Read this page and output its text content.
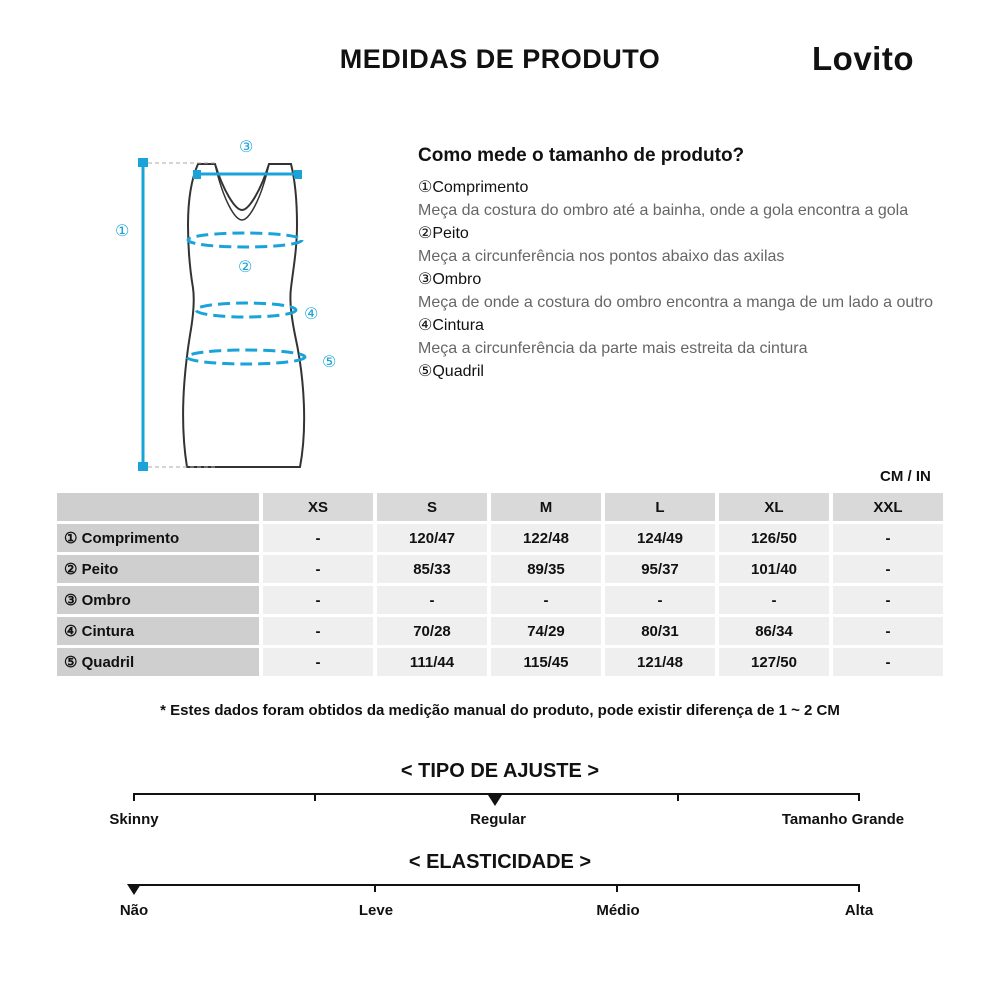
MEDIDAS DE PRODUTO	Lovito
①
②
③
④
⑤
Como mede o tamanho de produto?
①Comprimento
Meça da costura do ombro até a bainha, onde a gola encontra a gola
②Peito
Meça a circunferência nos pontos abaixo das axilas
③Ombro
Meça de onde a costura do ombro encontra a manga de um lado a outro
④Cintura
Meça a circunferência da parte mais estreita da cintura
⑤Quadril
CM / IN
	XS	S	M	L	XL	XXL
① Comprimento	-	120/47	122/48	124/49	126/50	-
② Peito	-	85/33	89/35	95/37	101/40	-
③ Ombro	-	-	-	-	-	-
④ Cintura	-	70/28	74/29	80/31	86/34	-
⑤ Quadril	-	111/44	115/45	121/48	127/50	-
* Estes dados foram obtidos da medição manual do produto, pode existir diferença de 1 ~ 2 CM
< TIPO DE AJUSTE >
Skinny	Regular	Tamanho Grande
< ELASTICIDADE >
Não	Leve	Médio	Alta
